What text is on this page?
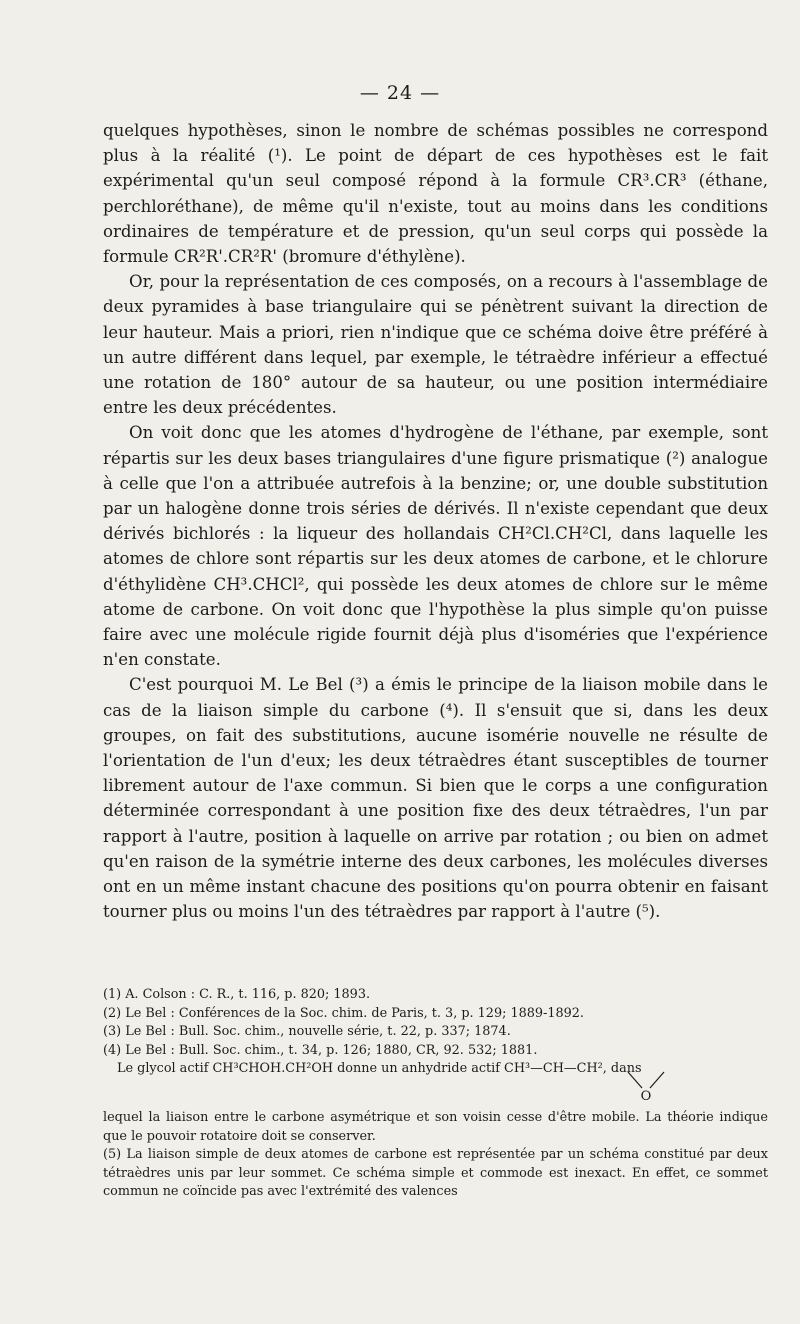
— 24 —

quelques hypothèses, sinon le nombre de schémas possibles ne correspond plus à la réalité (¹). Le point de départ de ces hypothèses est le fait expérimental qu'un seul composé répond à la formule CR³.CR³ (éthane, perchloréthane), de même qu'il n'existe, tout au moins dans les conditions ordinaires de température et de pression, qu'un seul corps qui possède la formule CR²R'.CR²R' (bromure d'éthylène).

Or, pour la représentation de ces composés, on a recours à l'assemblage de deux pyramides à base triangulaire qui se pénètrent suivant la direction de leur hauteur. Mais a priori, rien n'indique que ce schéma doive être préféré à un autre différent dans lequel, par exemple, le tétraèdre inférieur a effectué une rotation de 180° autour de sa hauteur, ou une position intermédiaire entre les deux précédentes.

On voit donc que les atomes d'hydrogène de l'éthane, par exemple, sont répartis sur les deux bases triangulaires d'une figure prismatique (²) analogue à celle que l'on a attribuée autrefois à la benzine; or, une double substitution par un halogène donne trois séries de dérivés. Il n'existe cependant que deux dérivés bichlorés : la liqueur des hollandais CH²Cl.CH²Cl, dans laquelle les atomes de chlore sont répartis sur les deux atomes de carbone, et le chlorure d'éthylidène CH³.CHCl², qui possède les deux atomes de chlore sur le même atome de carbone. On voit donc que l'hypothèse la plus simple qu'on puisse faire avec une molécule rigide fournit déjà plus d'isoméries que l'expérience n'en constate.

C'est pourquoi M. Le Bel (³) a émis le principe de la liaison mobile dans le cas de la liaison simple du carbone (⁴). Il s'ensuit que si, dans les deux groupes, on fait des substitutions, aucune isomérie nouvelle ne résulte de l'orientation de l'un d'eux; les deux tétraèdres étant susceptibles de tourner librement autour de l'axe commun. Si bien que le corps a une configuration déterminée correspondant à une position fixe des deux tétraèdres, l'un par rapport à l'autre, position à laquelle on arrive par rotation ; ou bien on admet qu'en raison de la symétrie interne des deux carbones, les molécules diverses ont en un même instant chacune des positions qu'on pourra obtenir en faisant tourner plus ou moins l'un des tétraèdres par rapport à l'autre (⁵).

(1) A. Colson : C. R., t. 116, p. 820; 1893.

(2) Le Bel : Conférences de la Soc. chim. de Paris, t. 3, p. 129; 1889-1892.

(3) Le Bel : Bull. Soc. chim., nouvelle série, t. 22, p. 337; 1874.

(4) Le Bel : Bull. Soc. chim., t. 34, p. 126; 1880, CR, 92. 532; 1881.

Le glycol actif CH³CHOH.CH²OH donne un anhydride actif CH³—CH—CH², dans

lequel la liaison entre le carbone asymétrique et son voisin cesse d'être mobile. La théorie indique que le pouvoir rotatoire doit se conserver.

(5) La liaison simple de deux atomes de carbone est représentée par un schéma constitué par deux tétraèdres unis par leur sommet. Ce schéma simple et commode est inexact. En effet, ce sommet commun ne coïncide pas avec l'extrémité des valences

O
